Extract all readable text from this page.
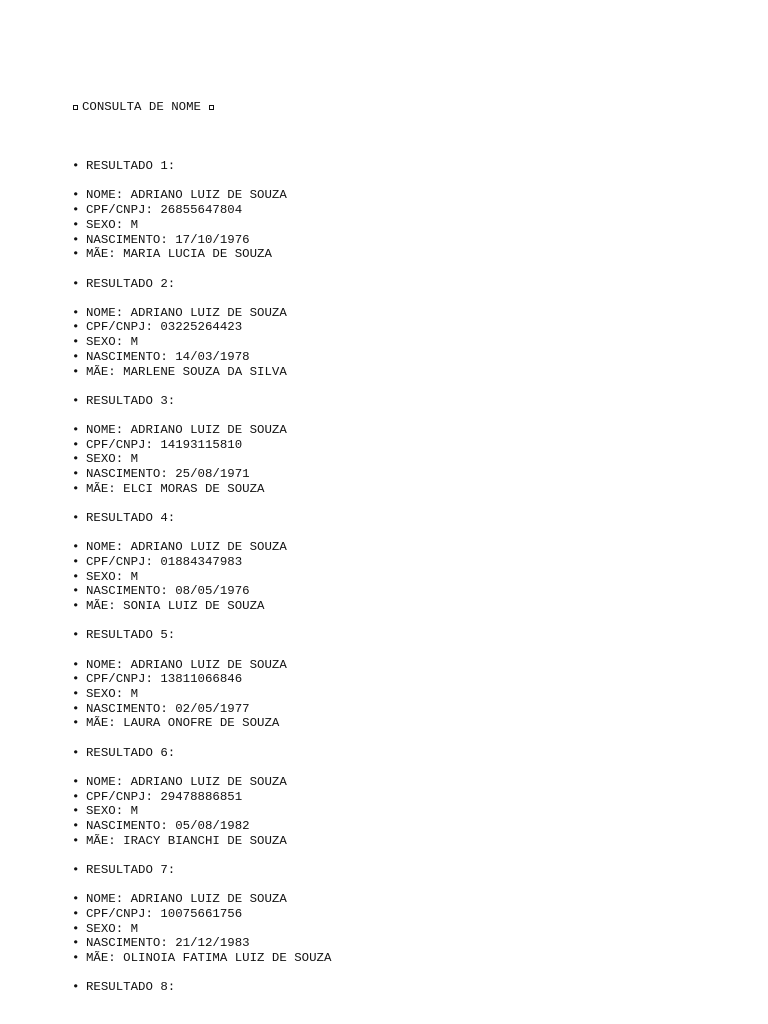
CONSULTA DE NOME

• RESULTADO 1:
• NOME: ADRIANO LUIZ DE SOUZA
• CPF/CNPJ: 26855647804
• SEXO: M
• NASCIMENTO: 17/10/1976
• MÃE: MARIA LUCIA DE SOUZA
• RESULTADO 2:
• NOME: ADRIANO LUIZ DE SOUZA
• CPF/CNPJ: 03225264423
• SEXO: M
• NASCIMENTO: 14/03/1978
• MÃE: MARLENE SOUZA DA SILVA
• RESULTADO 3:
• NOME: ADRIANO LUIZ DE SOUZA
• CPF/CNPJ: 14193115810
• SEXO: M
• NASCIMENTO: 25/08/1971
• MÃE: ELCI MORAS DE SOUZA
• RESULTADO 4:
• NOME: ADRIANO LUIZ DE SOUZA
• CPF/CNPJ: 01884347983
• SEXO: M
• NASCIMENTO: 08/05/1976
• MÃE: SONIA LUIZ DE SOUZA
• RESULTADO 5:
• NOME: ADRIANO LUIZ DE SOUZA
• CPF/CNPJ: 13811066846
• SEXO: M
• NASCIMENTO: 02/05/1977
• MÃE: LAURA ONOFRE DE SOUZA
• RESULTADO 6:
• NOME: ADRIANO LUIZ DE SOUZA
• CPF/CNPJ: 29478886851
• SEXO: M
• NASCIMENTO: 05/08/1982
• MÃE: IRACY BIANCHI DE SOUZA
• RESULTADO 7:
• NOME: ADRIANO LUIZ DE SOUZA
• CPF/CNPJ: 10075661756
• SEXO: M
• NASCIMENTO: 21/12/1983
• MÃE: OLINOIA FATIMA LUIZ DE SOUZA
• RESULTADO 8:
